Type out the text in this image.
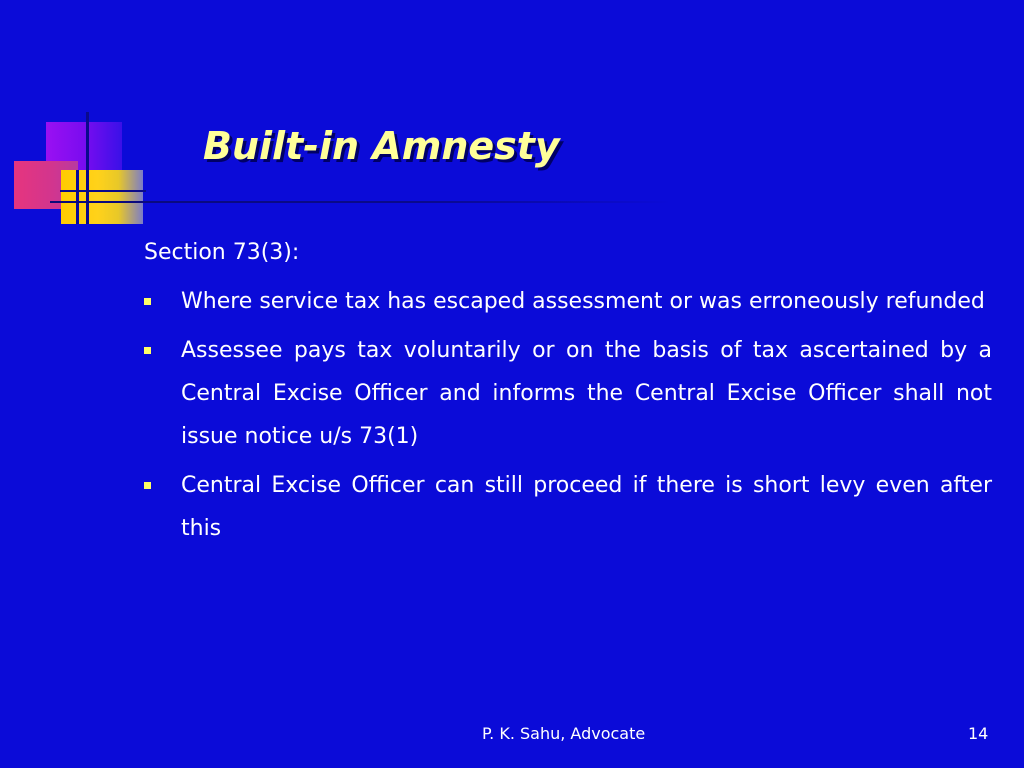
Built-in Amnesty

Section 73(3):

Where service tax has escaped assessment or was erroneously refunded
Assessee pays tax voluntarily or on the basis of tax ascertained by a Central Excise Officer and informs the Central Excise Officer shall not issue notice u/s 73(1)
Central Excise Officer can still proceed if there is short levy even after this
P. K. Sahu, Advocate	14
